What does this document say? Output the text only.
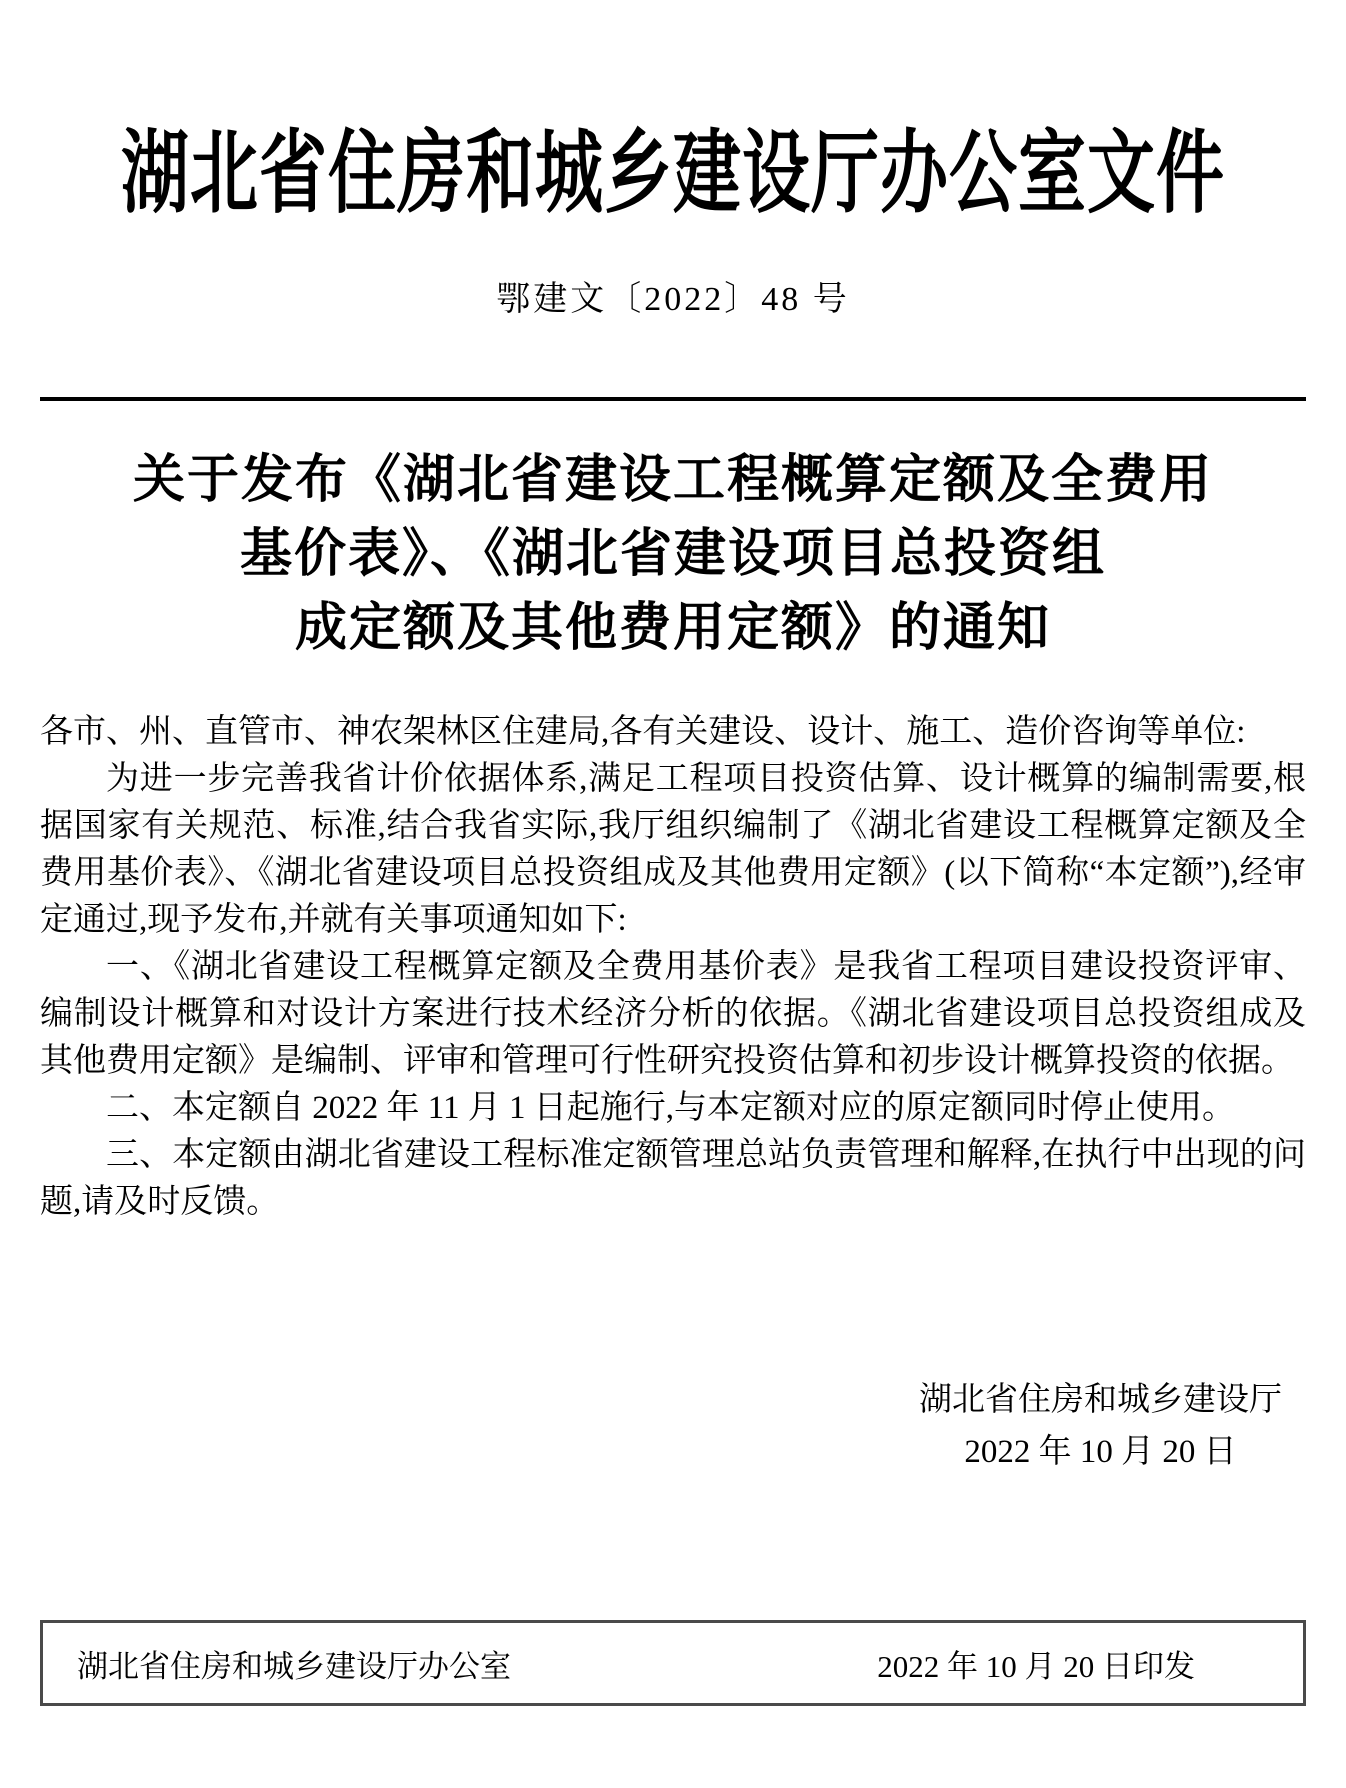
湖北省住房和城乡建设厅办公室文件
鄂建文〔2022〕48 号
关于发布《湖北省建设工程概算定额及全费用
基价表》、《湖北省建设项目总投资组
成定额及其他费用定额》的通知

各市、州、直管市、神农架林区住建局,各有关建设、设计、施工、造价咨询等单位:

为进一步完善我省计价依据体系,满足工程项目投资估算、设计概算的编制需要,根据国家有关规范、标准,结合我省实际,我厅组织编制了《湖北省建设工程概算定额及全费用基价表》、《湖北省建设项目总投资组成及其他费用定额》(以下简称“本定额”),经审定通过,现予发布,并就有关事项通知如下:

一、《湖北省建设工程概算定额及全费用基价表》是我省工程项目建设投资评审、编制设计概算和对设计方案进行技术经济分析的依据。《湖北省建设项目总投资组成及其他费用定额》是编制、评审和管理可行性研究投资估算和初步设计概算投资的依据。

二、本定额自 2022 年 11 月 1 日起施行,与本定额对应的原定额同时停止使用。

三、本定额由湖北省建设工程标准定额管理总站负责管理和解释,在执行中出现的问题,请及时反馈。

湖北省住房和城乡建设厅
2022 年 10 月 20 日
湖北省住房和城乡建设厅办公室	2022 年 10 月 20 日印发
